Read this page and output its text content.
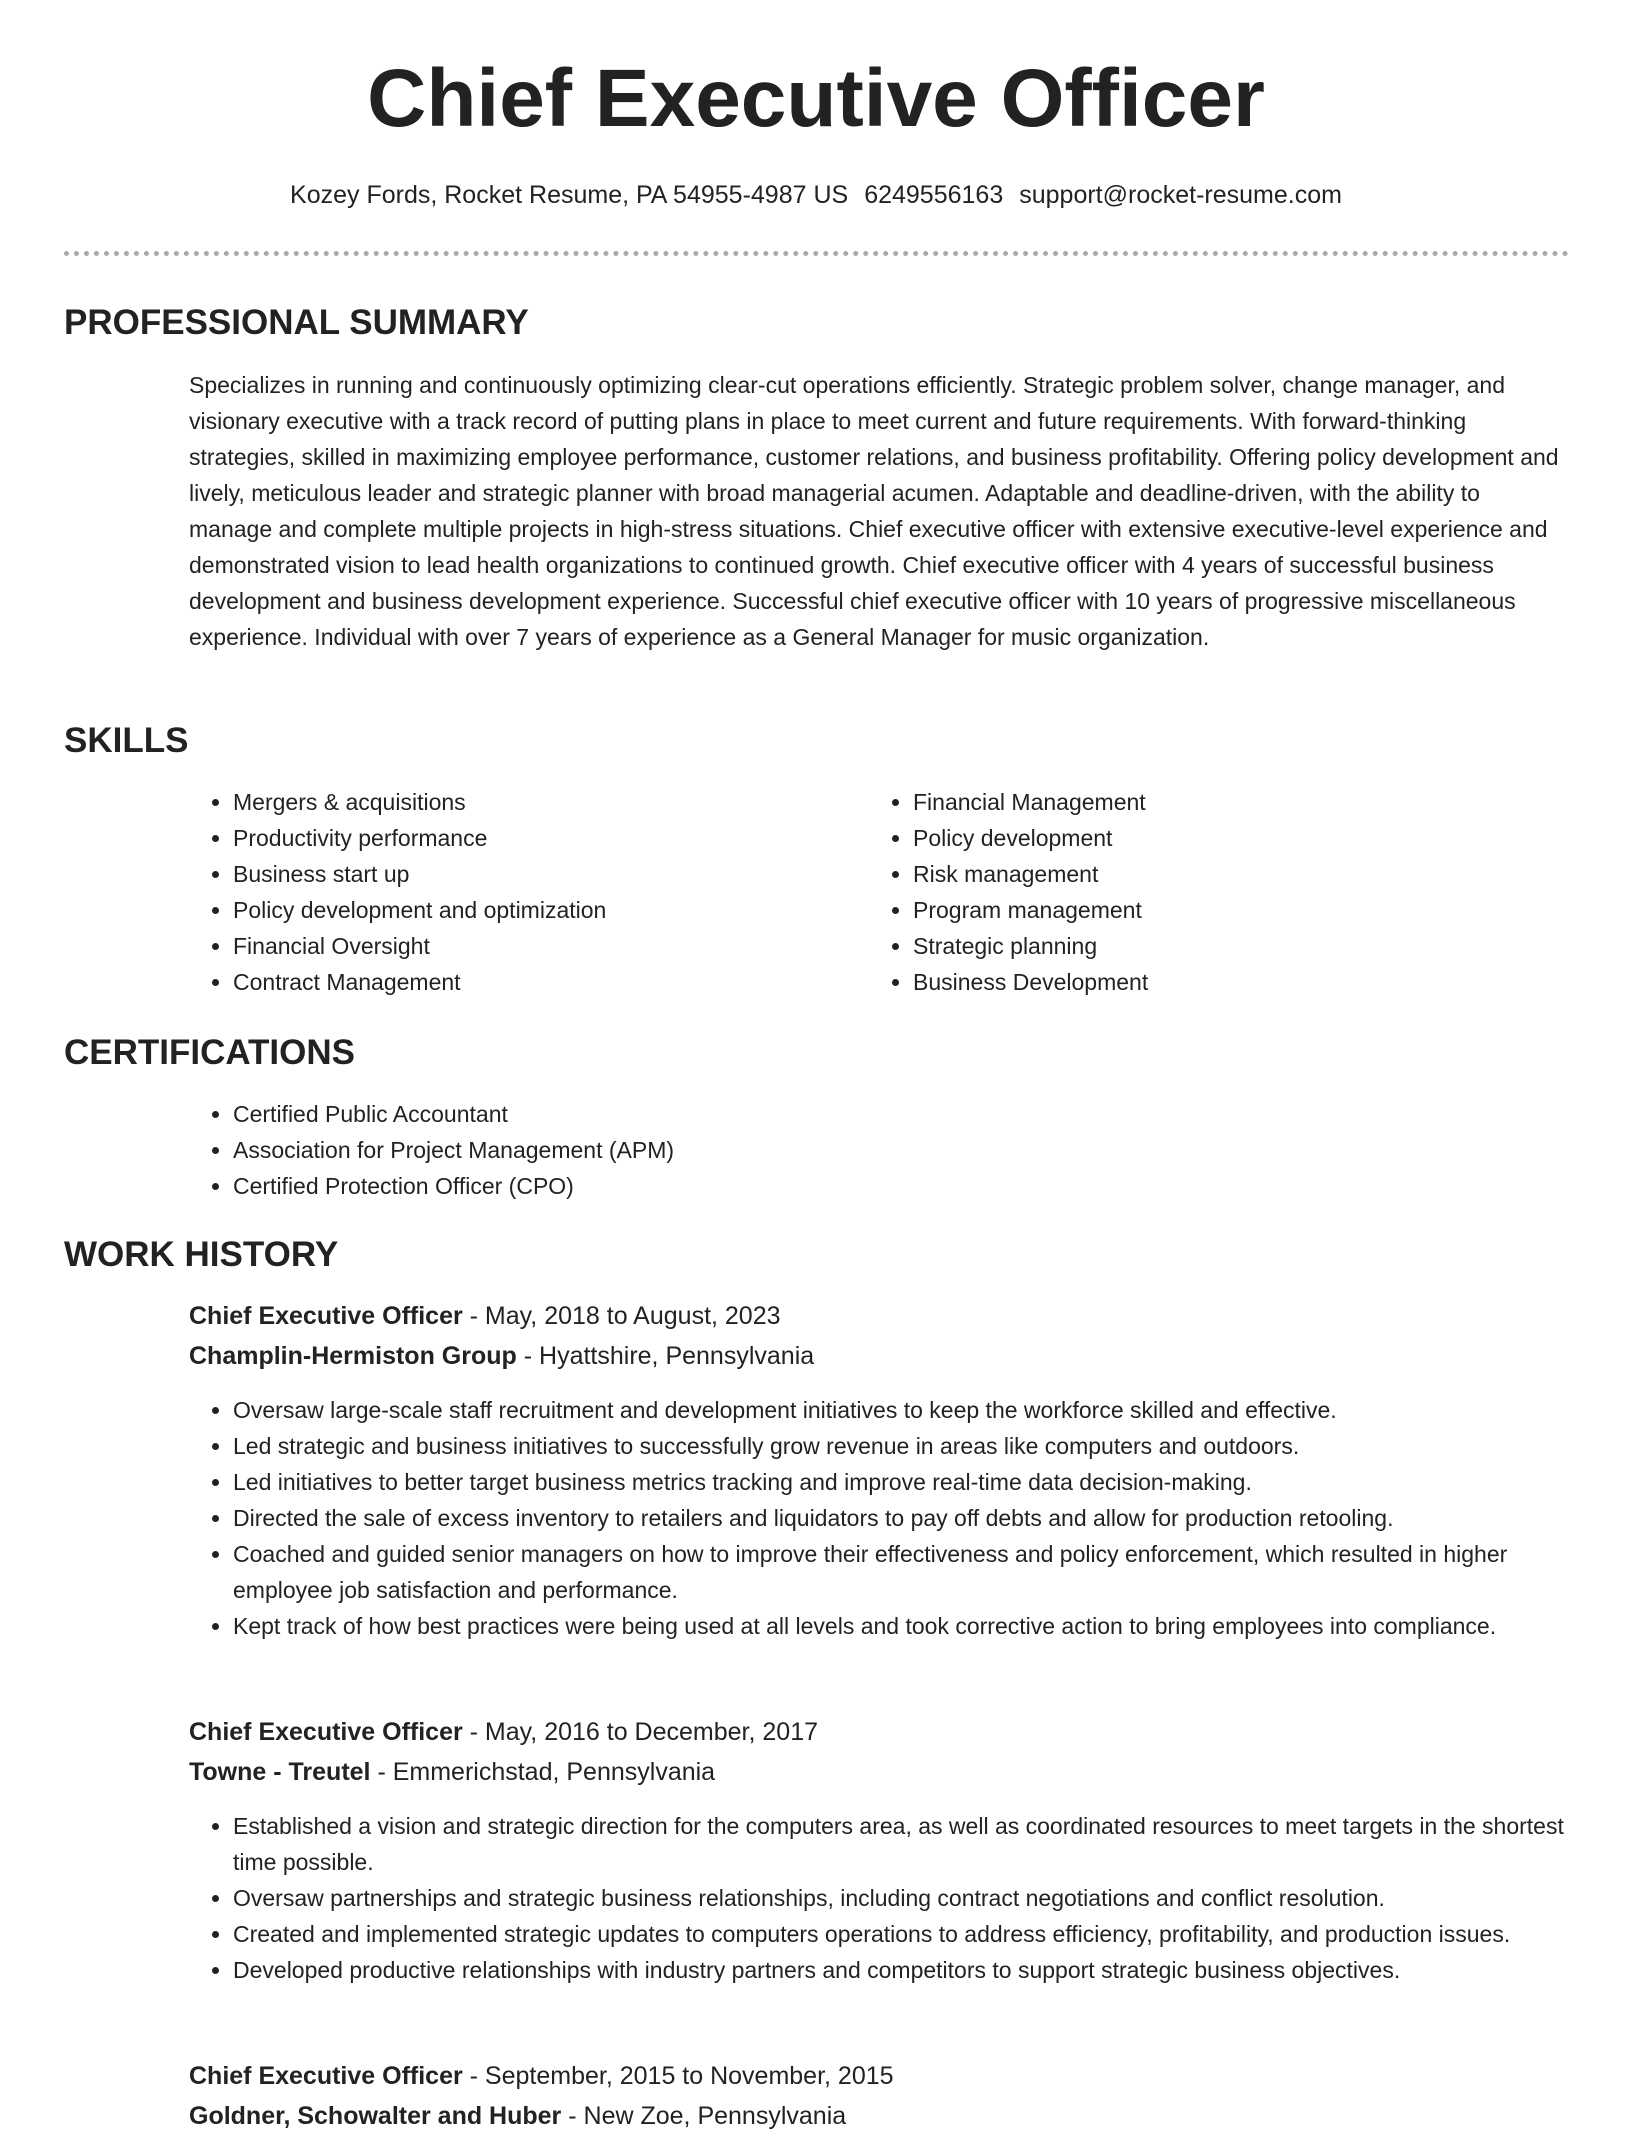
Chief Executive Officer
Kozey Fords, Rocket Resume, PA 54955-4987 US 6249556163 support@rocket-resume.com
PROFESSIONAL SUMMARY

Specializes in running and continuously optimizing clear-cut operations efficiently. Strategic problem solver, change manager, and visionary executive with a track record of putting plans in place to meet current and future requirements. With forward-thinking strategies, skilled in maximizing employee performance, customer relations, and business profitability. Offering policy development and lively, meticulous leader and strategic planner with broad managerial acumen. Adaptable and deadline-driven, with the ability to manage and complete multiple projects in high-stress situations. Chief executive officer with extensive executive-level experience and demonstrated vision to lead health organizations to continued growth. Chief executive officer with 4 years of successful business development and business development experience. Successful chief executive officer with 10 years of progressive miscellaneous experience. Individual with over 7 years of experience as a General Manager for music organization.

SKILLS
• Mergers & acquisitions
• Productivity performance
• Business start up
• Policy development and optimization
• Financial Oversight
• Contract Management
• Financial Management
• Policy development
• Risk management
• Program management
• Strategic planning
• Business Development
CERTIFICATIONS
• Certified Public Accountant
• Association for Project Management (APM)
• Certified Protection Officer (CPO)
WORK HISTORY
Chief Executive Officer - May, 2018 to August, 2023
Champlin-Hermiston Group - Hyattshire, Pennsylvania
• Oversaw large-scale staff recruitment and development initiatives to keep the workforce skilled and effective.
• Led strategic and business initiatives to successfully grow revenue in areas like computers and outdoors.
• Led initiatives to better target business metrics tracking and improve real-time data decision-making.
• Directed the sale of excess inventory to retailers and liquidators to pay off debts and allow for production retooling.
• Coached and guided senior managers on how to improve their effectiveness and policy enforcement, which resulted in higher employee job satisfaction and performance.
• Kept track of how best practices were being used at all levels and took corrective action to bring employees into compliance.
Chief Executive Officer - May, 2016 to December, 2017
Towne - Treutel - Emmerichstad, Pennsylvania
• Established a vision and strategic direction for the computers area, as well as coordinated resources to meet targets in the shortest time possible.
• Oversaw partnerships and strategic business relationships, including contract negotiations and conflict resolution.
• Created and implemented strategic updates to computers operations to address efficiency, profitability, and production issues.
• Developed productive relationships with industry partners and competitors to support strategic business objectives.
Chief Executive Officer - September, 2015 to November, 2015
Goldner, Schowalter and Huber - New Zoe, Pennsylvania
